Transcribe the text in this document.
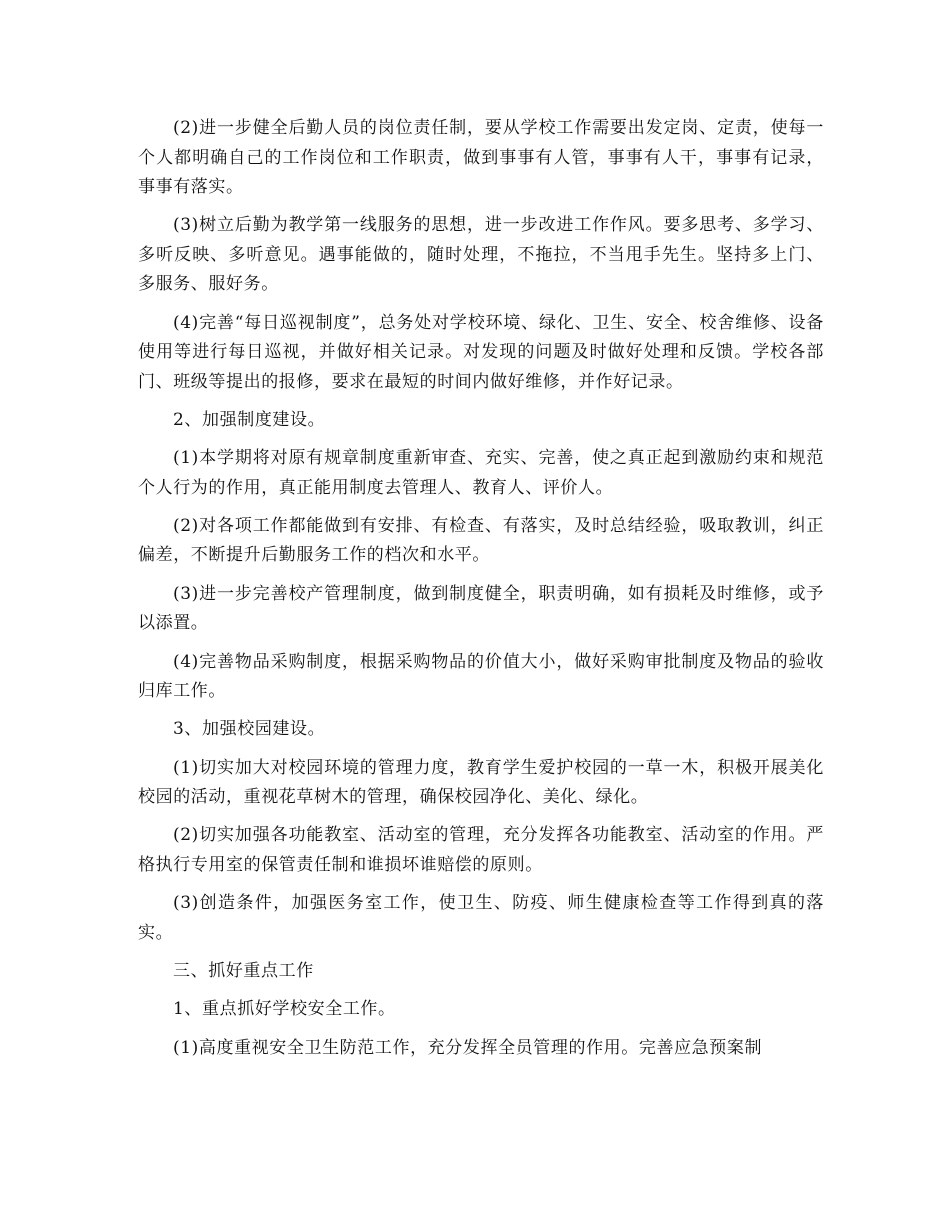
(2)进一步健全后勤人员的岗位责任制，要从学校工作需要出发定岗、定责，使每一个人都明确自己的工作岗位和工作职责，做到事事有人管，事事有人干，事事有记录，事事有落实。

(3)树立后勤为教学第一线服务的思想，进一步改进工作作风。要多思考、多学习、多听反映、多听意见。遇事能做的，随时处理，不拖拉，不当甩手先生。坚持多上门、多服务、服好务。

(4)完善“每日巡视制度”，总务处对学校环境、绿化、卫生、安全、校舍维修、设备使用等进行每日巡视，并做好相关记录。对发现的问题及时做好处理和反馈。学校各部门、班级等提出的报修，要求在最短的时间内做好维修，并作好记录。

2、加强制度建设。

(1)本学期将对原有规章制度重新审查、充实、完善，使之真正起到激励约束和规范个人行为的作用，真正能用制度去管理人、教育人、评价人。

(2)对各项工作都能做到有安排、有检查、有落实，及时总结经验，吸取教训，纠正偏差，不断提升后勤服务工作的档次和水平。

(3)进一步完善校产管理制度，做到制度健全，职责明确，如有损耗及时维修，或予以添置。

(4)完善物品采购制度，根据采购物品的价值大小，做好采购审批制度及物品的验收归库工作。

3、加强校园建设。

(1)切实加大对校园环境的管理力度，教育学生爱护校园的一草一木，积极开展美化校园的活动，重视花草树木的管理，确保校园净化、美化、绿化。

(2)切实加强各功能教室、活动室的管理，充分发挥各功能教室、活动室的作用。严格执行专用室的保管责任制和谁损坏谁赔偿的原则。

(3)创造条件，加强医务室工作，使卫生、防疫、师生健康检查等工作得到真的落实。

三、抓好重点工作

1、重点抓好学校安全工作。

(1)高度重视安全卫生防范工作，充分发挥全员管理的作用。完善应急预案制
